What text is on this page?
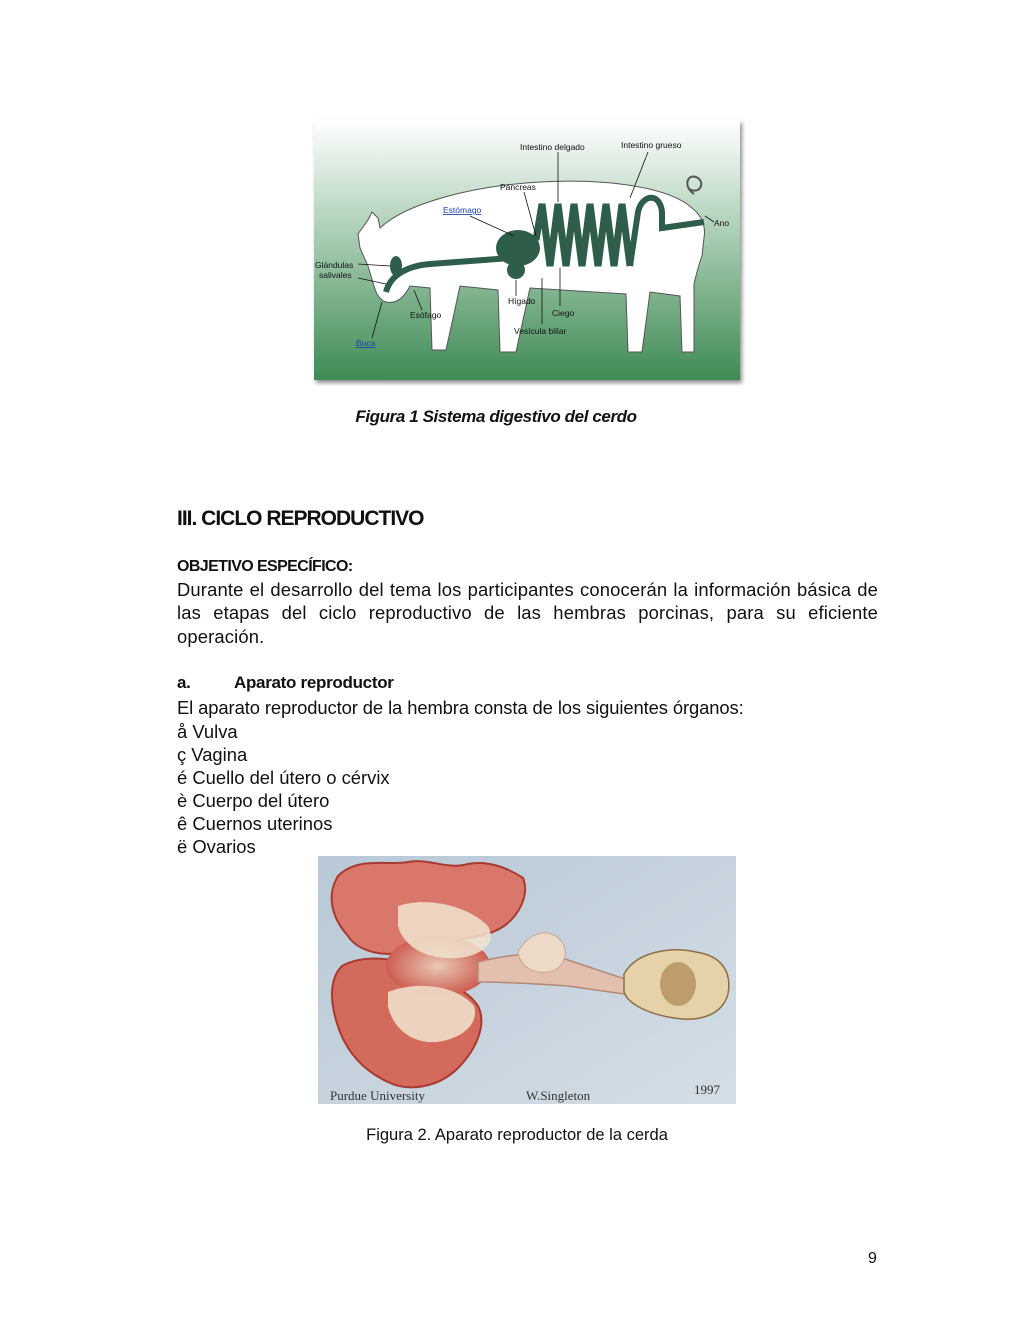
Intestino delgado	Intestino grueso
Páncreas
Estómago
Ano
Glándulas
salivales
Esófago
Hígado
Ciego
Vesícula biliar
Boca
Figura 1 Sistema digestivo del cerdo
III. CICLO REPRODUCTIVO
OBJETIVO ESPECÍFICO:
Durante el desarrollo del tema los participantes conocerán la información básica de las etapas del ciclo reproductivo de las hembras porcinas, para su eficiente operación.
a.	Aparato reproductor
El aparato reproductor de la hembra consta de los siguientes órganos:
å Vulva
ç Vagina
é Cuello del útero o cérvix
è Cuerpo del útero
ê Cuernos uterinos
ë Ovarios
Purdue University	W.Singleton	1997
Figura 2. Aparato reproductor de la cerda
9
